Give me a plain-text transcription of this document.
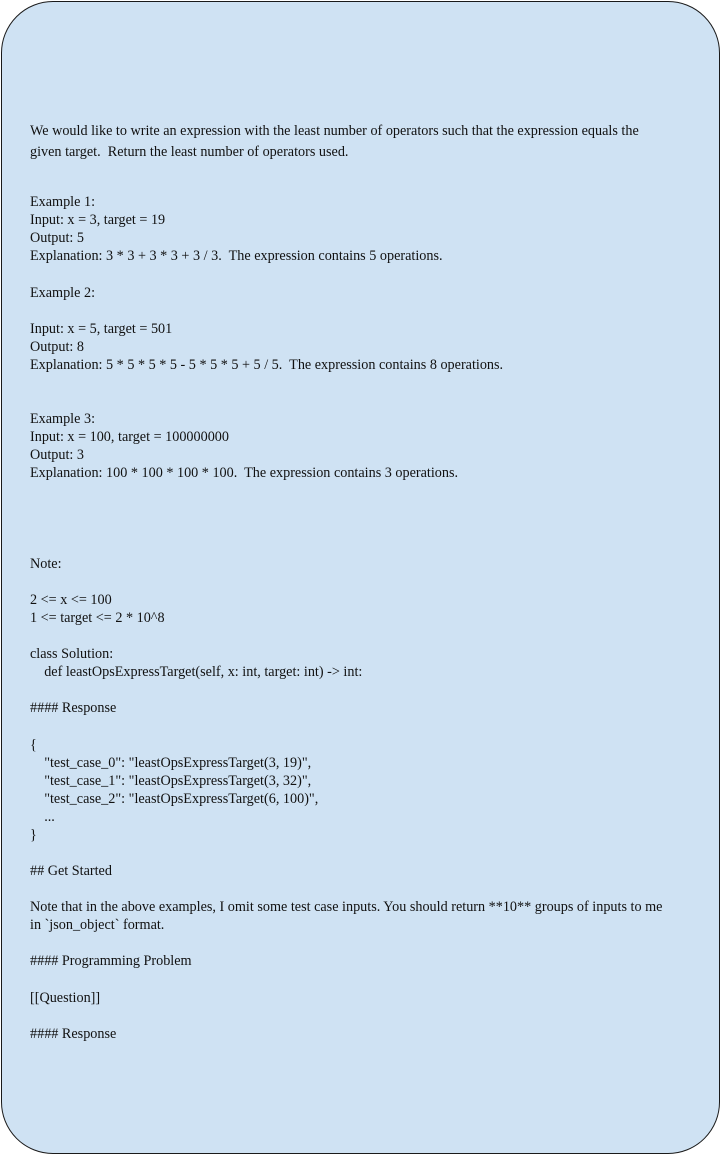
We would like to write an expression with the least number of operators such that the expression equals the

given target.  Return the least number of operators used.

Example 1:

Input: x = 3, target = 19

Output: 5

Explanation: 3 * 3 + 3 * 3 + 3 / 3.  The expression contains 5 operations.

Example 2:

Input: x = 5, target = 501

Output: 8

Explanation: 5 * 5 * 5 * 5 - 5 * 5 * 5 + 5 / 5.  The expression contains 8 operations.

Example 3:

Input: x = 100, target = 100000000

Output: 3

Explanation: 100 * 100 * 100 * 100.  The expression contains 3 operations.

Note:

2 <= x <= 100

1 <= target <= 2 * 10^8

class Solution:

def leastOpsExpressTarget(self, x: int, target: int) -> int:

#### Response

{

"test_case_0": "leastOpsExpressTarget(3, 19)",

"test_case_1": "leastOpsExpressTarget(3, 32)",

"test_case_2": "leastOpsExpressTarget(6, 100)",

...

}

## Get Started

Note that in the above examples, I omit some test case inputs. You should return **10** groups of inputs to me

in `json_object` format.

#### Programming Problem

[[Question]]

#### Response
